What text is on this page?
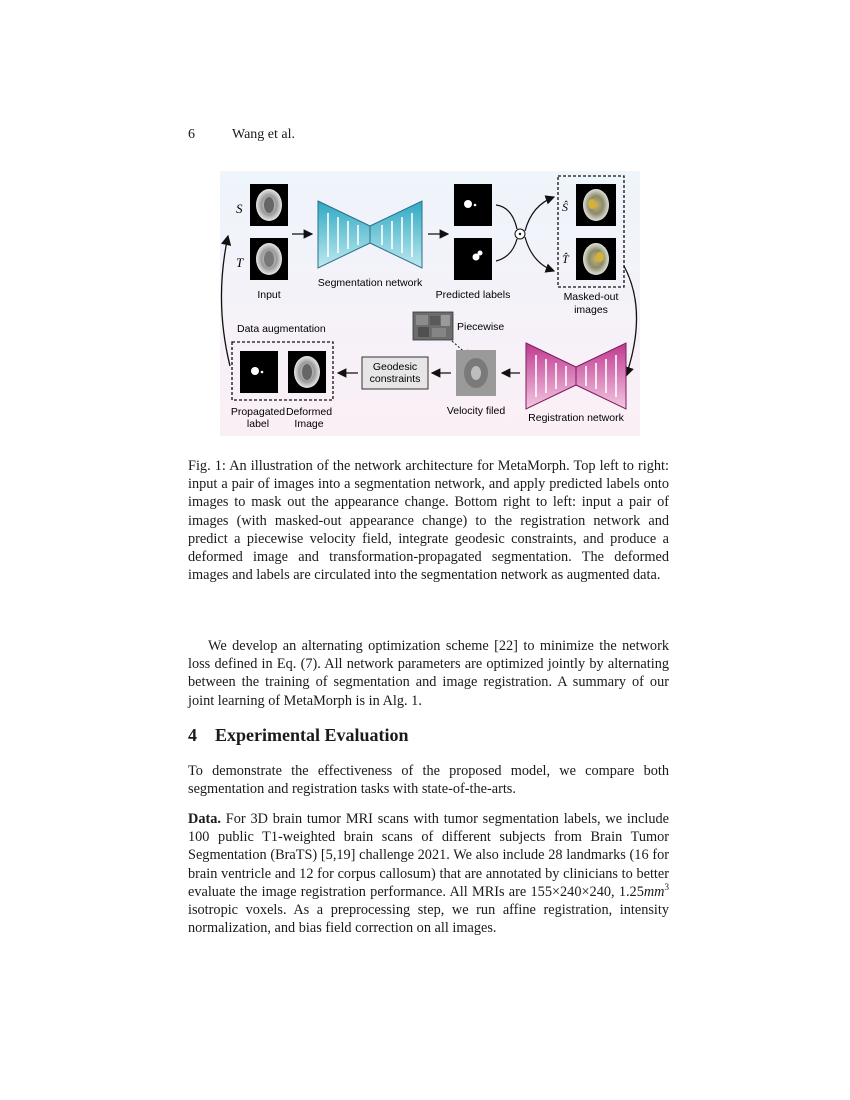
6	Wang et al.
S
T
Input
Segmentation network
Predicted labels
Ŝ
T̂
Masked-out
images
Registration network
Piecewise
Velocity filed
Geodesic
constraints
Data augmentation
Propagated
label
Deformed
Image
Fig. 1: An illustration of the network architecture for MetaMorph. Top left to right: input a pair of images into a segmentation network, and apply predicted labels onto images to mask out the appearance change. Bottom right to left: input a pair of images (with masked-out appearance change) to the registration network and predict a piecewise velocity field, integrate geodesic constraints, and produce a deformed image and transformation-propagated segmentation. The deformed images and labels are circulated into the segmentation network as augmented data.
We develop an alternating optimization scheme [22] to minimize the network loss defined in Eq. (7). All network parameters are optimized jointly by alternating between the training of segmentation and image registration. A summary of our joint learning of MetaMorph is in Alg. 1.
4 Experimental Evaluation
To demonstrate the effectiveness of the proposed model, we compare both segmentation and registration tasks with state-of-the-arts.
Data. For 3D brain tumor MRI scans with tumor segmentation labels, we include 100 public T1-weighted brain scans of different subjects from Brain Tumor Segmentation (BraTS) [5,19] challenge 2021. We also include 28 landmarks (16 for brain ventricle and 12 for corpus callosum) that are annotated by clinicians to better evaluate the image registration performance. All MRIs are 155×240×240, $1.25mm^3$ isotropic voxels. As a preprocessing step, we run affine registration, intensity normalization, and bias field correction on all images.
